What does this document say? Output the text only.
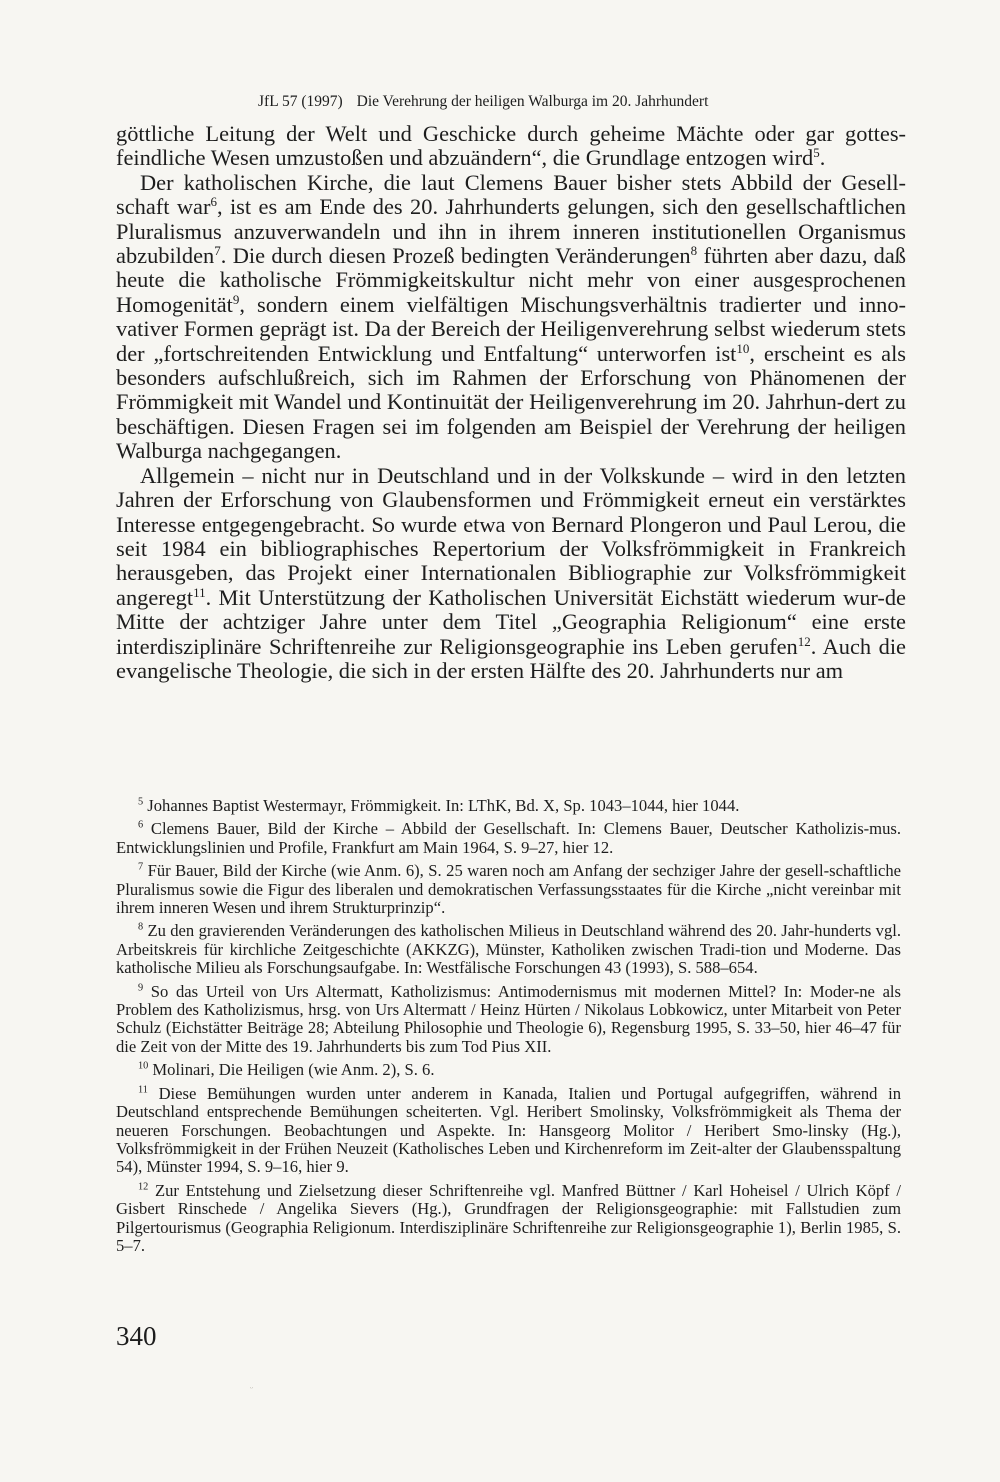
JfL 57 (1997) Die Verehrung der heiligen Walburga im 20. Jahrhundert

göttliche Leitung der Welt und Geschicke durch geheime Mächte oder gar gottes-feindliche Wesen umzustoßen und abzuändern“, die Grundlage entzogen wird$^5$.

Der katholischen Kirche, die laut Clemens Bauer bisher stets Abbild der Gesell-schaft war$^6$, ist es am Ende des 20. Jahrhunderts gelungen, sich den gesellschaftlichen Pluralismus anzuverwandeln und ihn in ihrem inneren institutionellen Organismus abzubilden$^7$. Die durch diesen Prozeß bedingten Veränderungen$^8$ führten aber dazu, daß heute die katholische Frömmigkeitskultur nicht mehr von einer ausgesprochenen Homogenität$^9$, sondern einem vielfältigen Mischungsverhältnis tradierter und inno-vativer Formen geprägt ist. Da der Bereich der Heiligenverehrung selbst wiederum stets der „fortschreitenden Entwicklung und Entfaltung“ unterworfen ist$^{10}$, erscheint es als besonders aufschlußreich, sich im Rahmen der Erforschung von Phänomenen der Frömmigkeit mit Wandel und Kontinuität der Heiligenverehrung im 20. Jahrhun-dert zu beschäftigen. Diesen Fragen sei im folgenden am Beispiel der Verehrung der heiligen Walburga nachgegangen.

Allgemein – nicht nur in Deutschland und in der Volkskunde – wird in den letzten Jahren der Erforschung von Glaubensformen und Frömmigkeit erneut ein verstärktes Interesse entgegengebracht. So wurde etwa von Bernard Plongeron und Paul Lerou, die seit 1984 ein bibliographisches Repertorium der Volksfrömmigkeit in Frankreich herausgeben, das Projekt einer Internationalen Bibliographie zur Volksfrömmigkeit angeregt$^{11}$. Mit Unterstützung der Katholischen Universität Eichstätt wiederum wur-de Mitte der achtziger Jahre unter dem Titel „Geographia Religionum“ eine erste interdisziplinäre Schriftenreihe zur Religionsgeographie ins Leben gerufen$^{12}$. Auch die evangelische Theologie, die sich in der ersten Hälfte des 20. Jahrhunderts nur am

$^5$ Johannes Baptist Westermayr, Frömmigkeit. In: LThK, Bd. X, Sp. 1043–1044, hier 1044.

$^6$ Clemens Bauer, Bild der Kirche – Abbild der Gesellschaft. In: Clemens Bauer, Deutscher Katholizis-mus. Entwicklungslinien und Profile, Frankfurt am Main 1964, S. 9–27, hier 12.

$^7$ Für Bauer, Bild der Kirche (wie Anm. 6), S. 25 waren noch am Anfang der sechziger Jahre der gesell-schaftliche Pluralismus sowie die Figur des liberalen und demokratischen Verfassungsstaates für die Kirche „nicht vereinbar mit ihrem inneren Wesen und ihrem Strukturprinzip“.

$^8$ Zu den gravierenden Veränderungen des katholischen Milieus in Deutschland während des 20. Jahr-hunderts vgl. Arbeitskreis für kirchliche Zeitgeschichte (AKKZG), Münster, Katholiken zwischen Tradi-tion und Moderne. Das katholische Milieu als Forschungsaufgabe. In: Westfälische Forschungen 43 (1993), S. 588–654.

$^9$ So das Urteil von Urs Altermatt, Katholizismus: Antimodernismus mit modernen Mittel? In: Moder-ne als Problem des Katholizismus, hrsg. von Urs Altermatt / Heinz Hürten / Nikolaus Lobkowicz, unter Mitarbeit von Peter Schulz (Eichstätter Beiträge 28; Abteilung Philosophie und Theologie 6), Regensburg 1995, S. 33–50, hier 46–47 für die Zeit von der Mitte des 19. Jahrhunderts bis zum Tod Pius XII.

$^{10}$ Molinari, Die Heiligen (wie Anm. 2), S. 6.

$^{11}$ Diese Bemühungen wurden unter anderem in Kanada, Italien und Portugal aufgegriffen, während in Deutschland entsprechende Bemühungen scheiterten. Vgl. Heribert Smolinsky, Volksfrömmigkeit als Thema der neueren Forschungen. Beobachtungen und Aspekte. In: Hansgeorg Molitor / Heribert Smo-linsky (Hg.), Volksfrömmigkeit in der Frühen Neuzeit (Katholisches Leben und Kirchenreform im Zeit-alter der Glaubensspaltung 54), Münster 1994, S. 9–16, hier 9.

$^{12}$ Zur Entstehung und Zielsetzung dieser Schriftenreihe vgl. Manfred Büttner / Karl Hoheisel / Ulrich Köpf / Gisbert Rinschede / Angelika Sievers (Hg.), Grundfragen der Religionsgeographie: mit Fallstudien zum Pilgertourismus (Geographia Religionum. Interdisziplinäre Schriftenreihe zur Religionsgeographie 1), Berlin 1985, S. 5–7.

340
ᵕ
